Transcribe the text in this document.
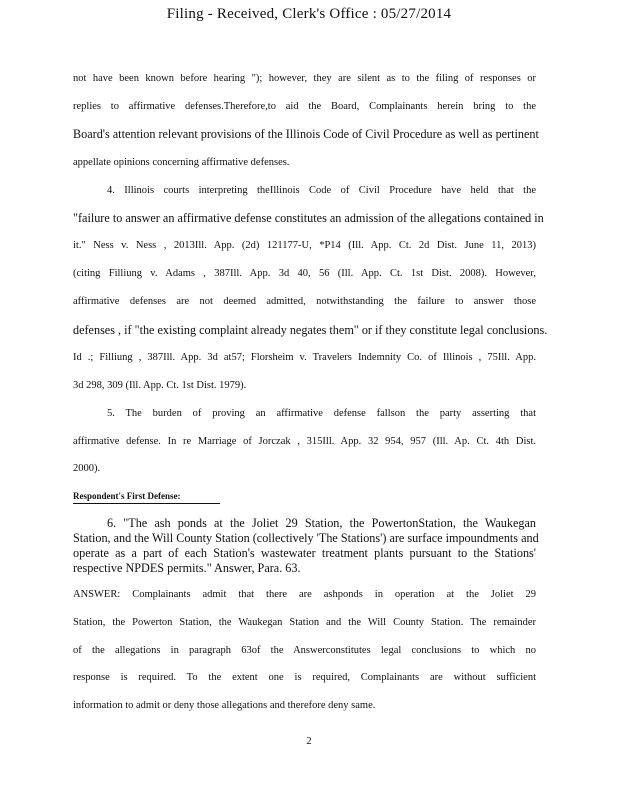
Filing - Received, Clerk's Office : 05/27/2014
not have been known before hearing "); however, they are silent as to the filing of responses or
replies to affirmative defenses.Therefore,to aid the Board, Complainants herein bring to the
Board's attention relevant provisions of the Illinois Code of Civil Procedure as well as pertinent
appellate opinions concerning affirmative defenses.
4. Illinois courts interpreting theIllinois Code of Civil Procedure have held that the
"failure to answer an affirmative defense constitutes an admission of the allegations contained in
it." Ness v. Ness , 2013Ill. App. (2d) 121177-U, *P14 (Ill. App. Ct. 2d Dist. June 11, 2013)
(citing Filliung v. Adams , 387Ill. App. 3d 40, 56 (Ill. App. Ct. 1st Dist. 2008). However,
affirmative defenses are not deemed admitted, notwithstanding the failure to answer those
defenses , if "the existing complaint already negates them" or if they constitute legal conclusions.
Id .; Filliung , 387Ill. App. 3d at57; Florsheim v. Travelers Indemnity Co. of Illinois , 75Ill. App.
3d 298, 309 (Ill. App. Ct. 1st Dist. 1979).
5. The burden of proving an affirmative defense fallson the party asserting that
affirmative defense. In re Marriage of Jorczak , 315Ill. App. 32 954, 957 (Ill. Ap. Ct. 4th Dist.
2000).
Respondent's First Defense:
6. "The ash ponds at the Joliet 29 Station, the PowertonStation, the Waukegan
Station, and the Will County Station (collectively 'The Stations') are surface impoundments and
operate as a part of each Station's wastewater treatment plants pursuant to the Stations'
respective NPDES permits." Answer, Para. 63.
ANSWER: Complainants admit that there are ashponds in operation at the Joliet 29
Station, the Powerton Station, the Waukegan Station and the Will County Station. The remainder
of the allegations in paragraph 63of the Answerconstitutes legal conclusions to which no
response is required. To the extent one is required, Complainants are without sufficient
information to admit or deny those allegations and therefore deny same.
2
